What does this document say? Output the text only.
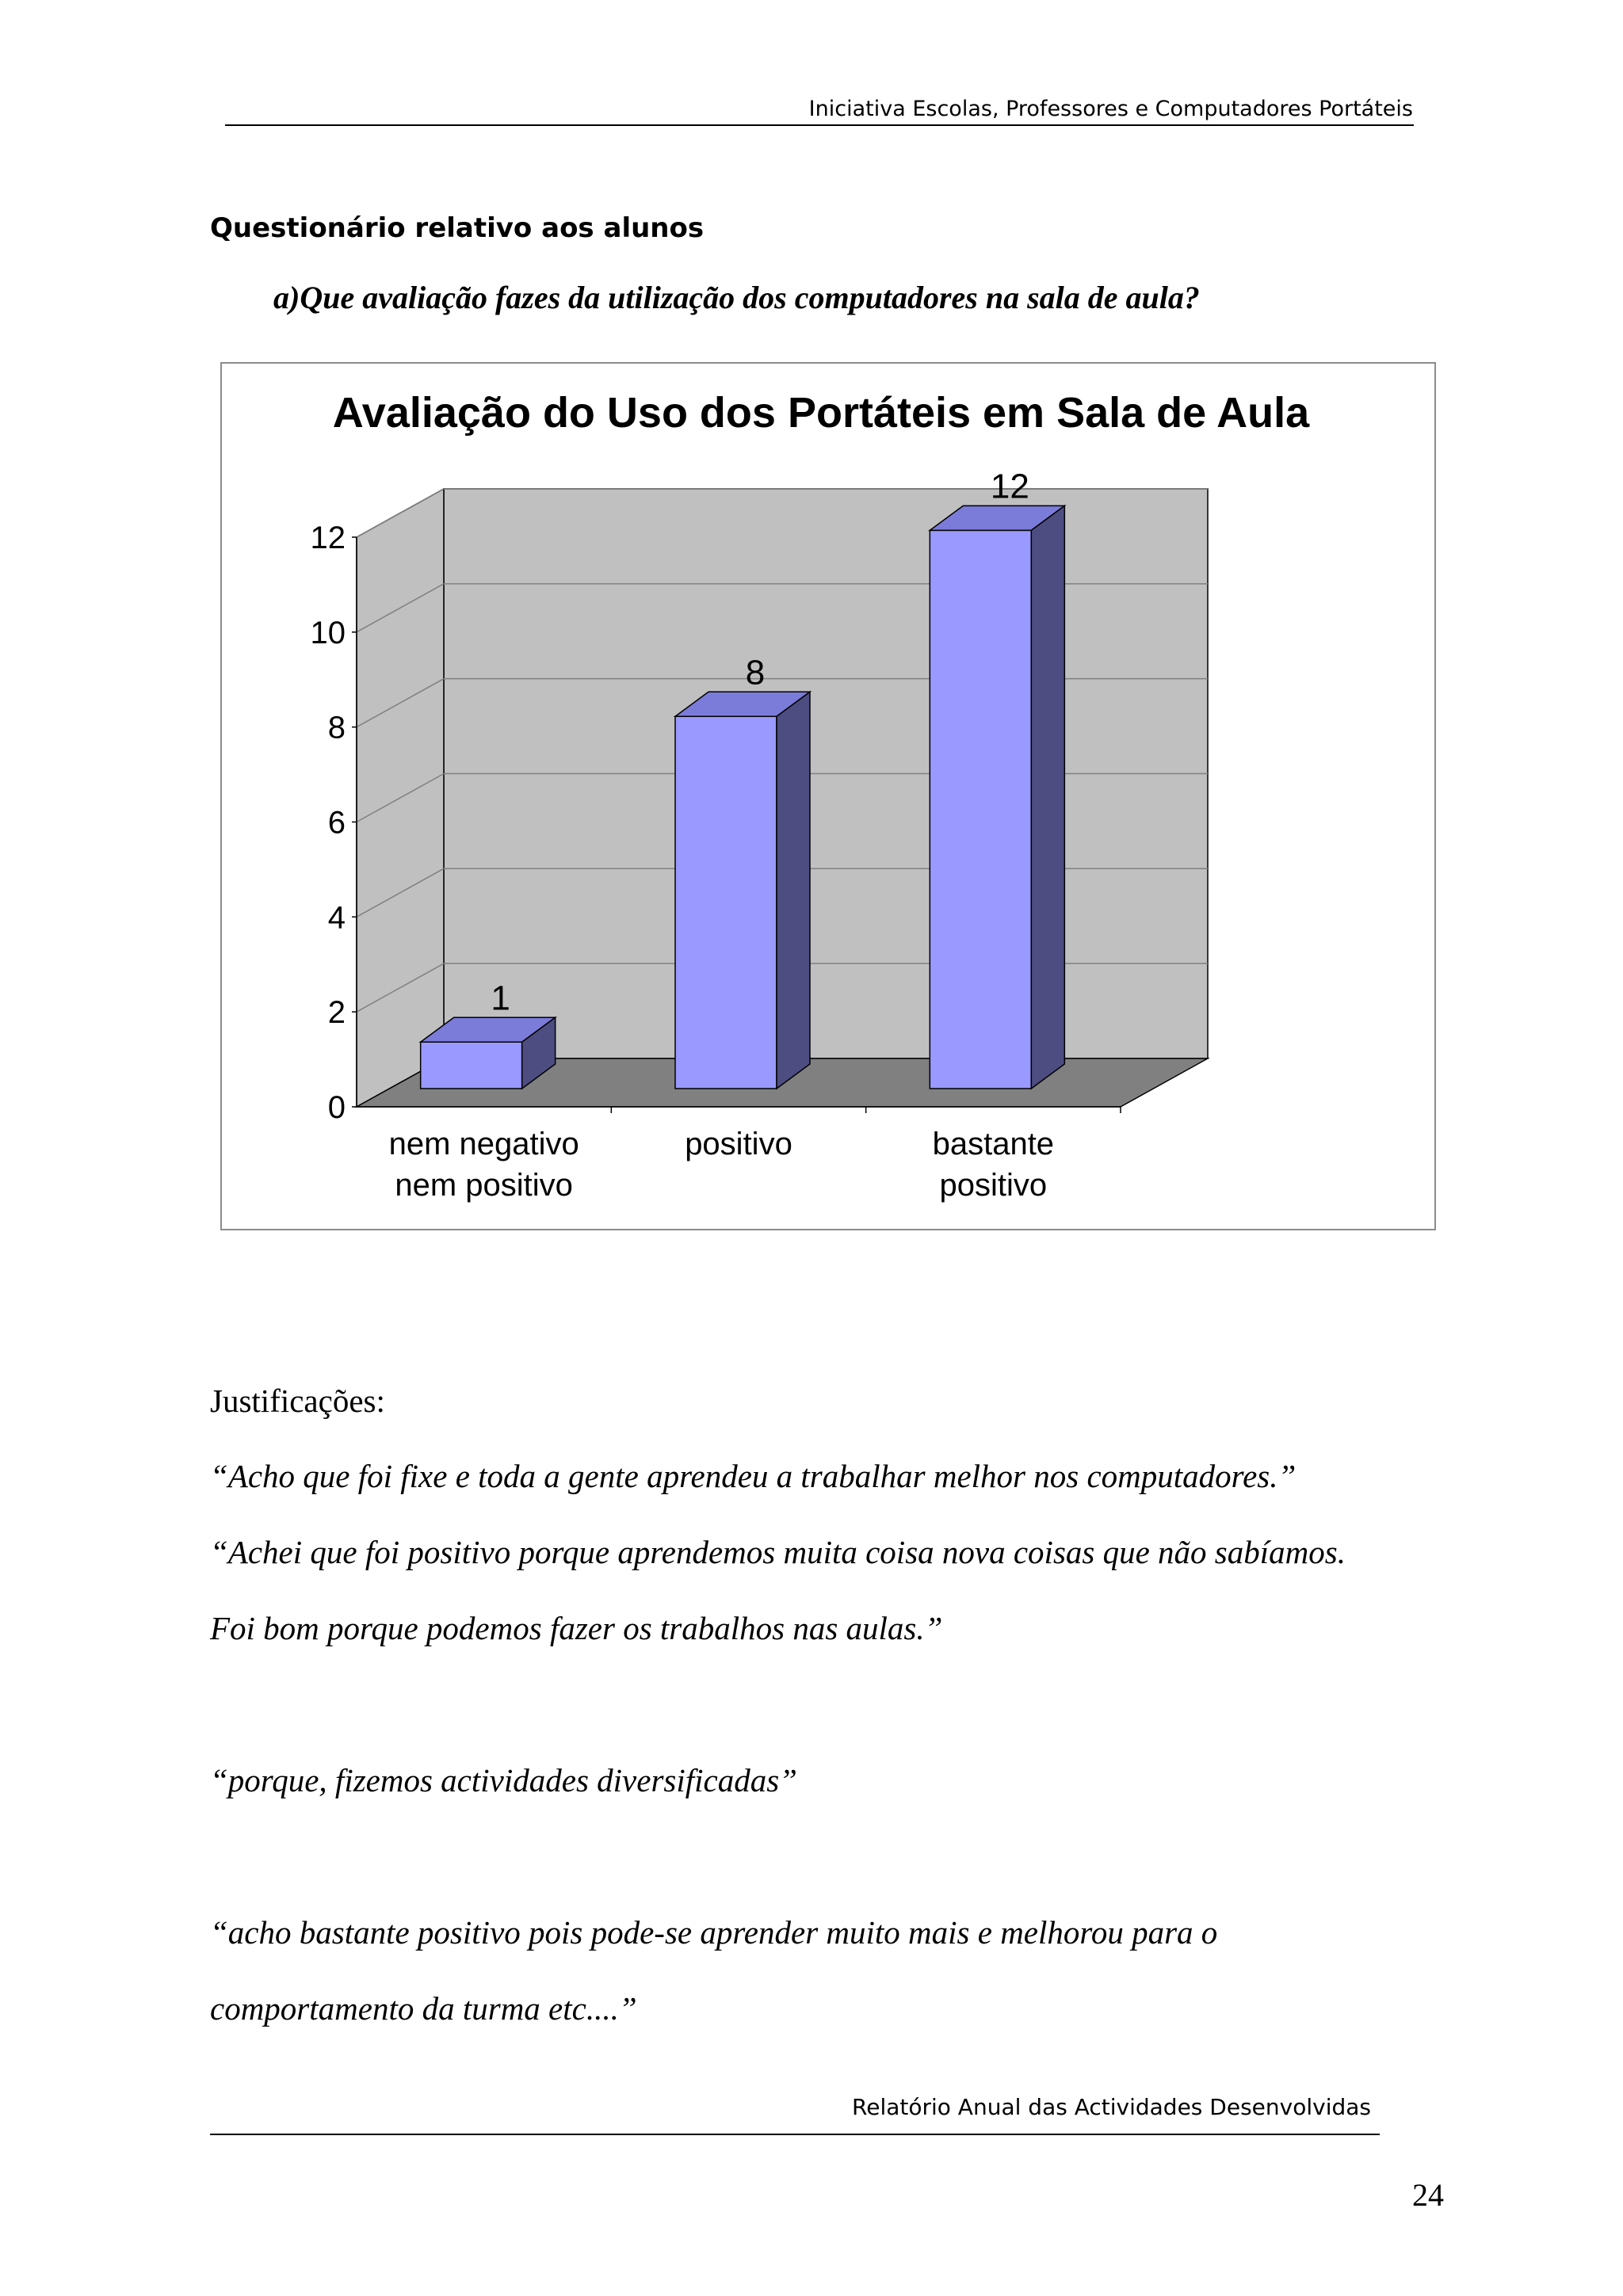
Iniciativa Escolas, Professores e Computadores Portáteis
Questionário relativo aos alunos
a)Que avaliação fazes da utilização dos computadores na sala de aula?
0
2
4
6
8
10
12
1
nem negativo
nem positivo
8
positivo
12
bastante
positivo
Avaliação do Uso dos Portáteis em Sala de Aula
Justificações:
“Acho que foi fixe e toda a gente aprendeu a trabalhar melhor nos computadores.”
“Achei que foi positivo porque aprendemos muita coisa nova coisas que não sabíamos.
Foi bom porque podemos fazer os trabalhos nas aulas.”
“porque, fizemos actividades diversificadas”
“acho bastante positivo pois pode-se aprender muito mais e melhorou para o
comportamento da turma etc....”
Relatório Anual das Actividades Desenvolvidas
24
